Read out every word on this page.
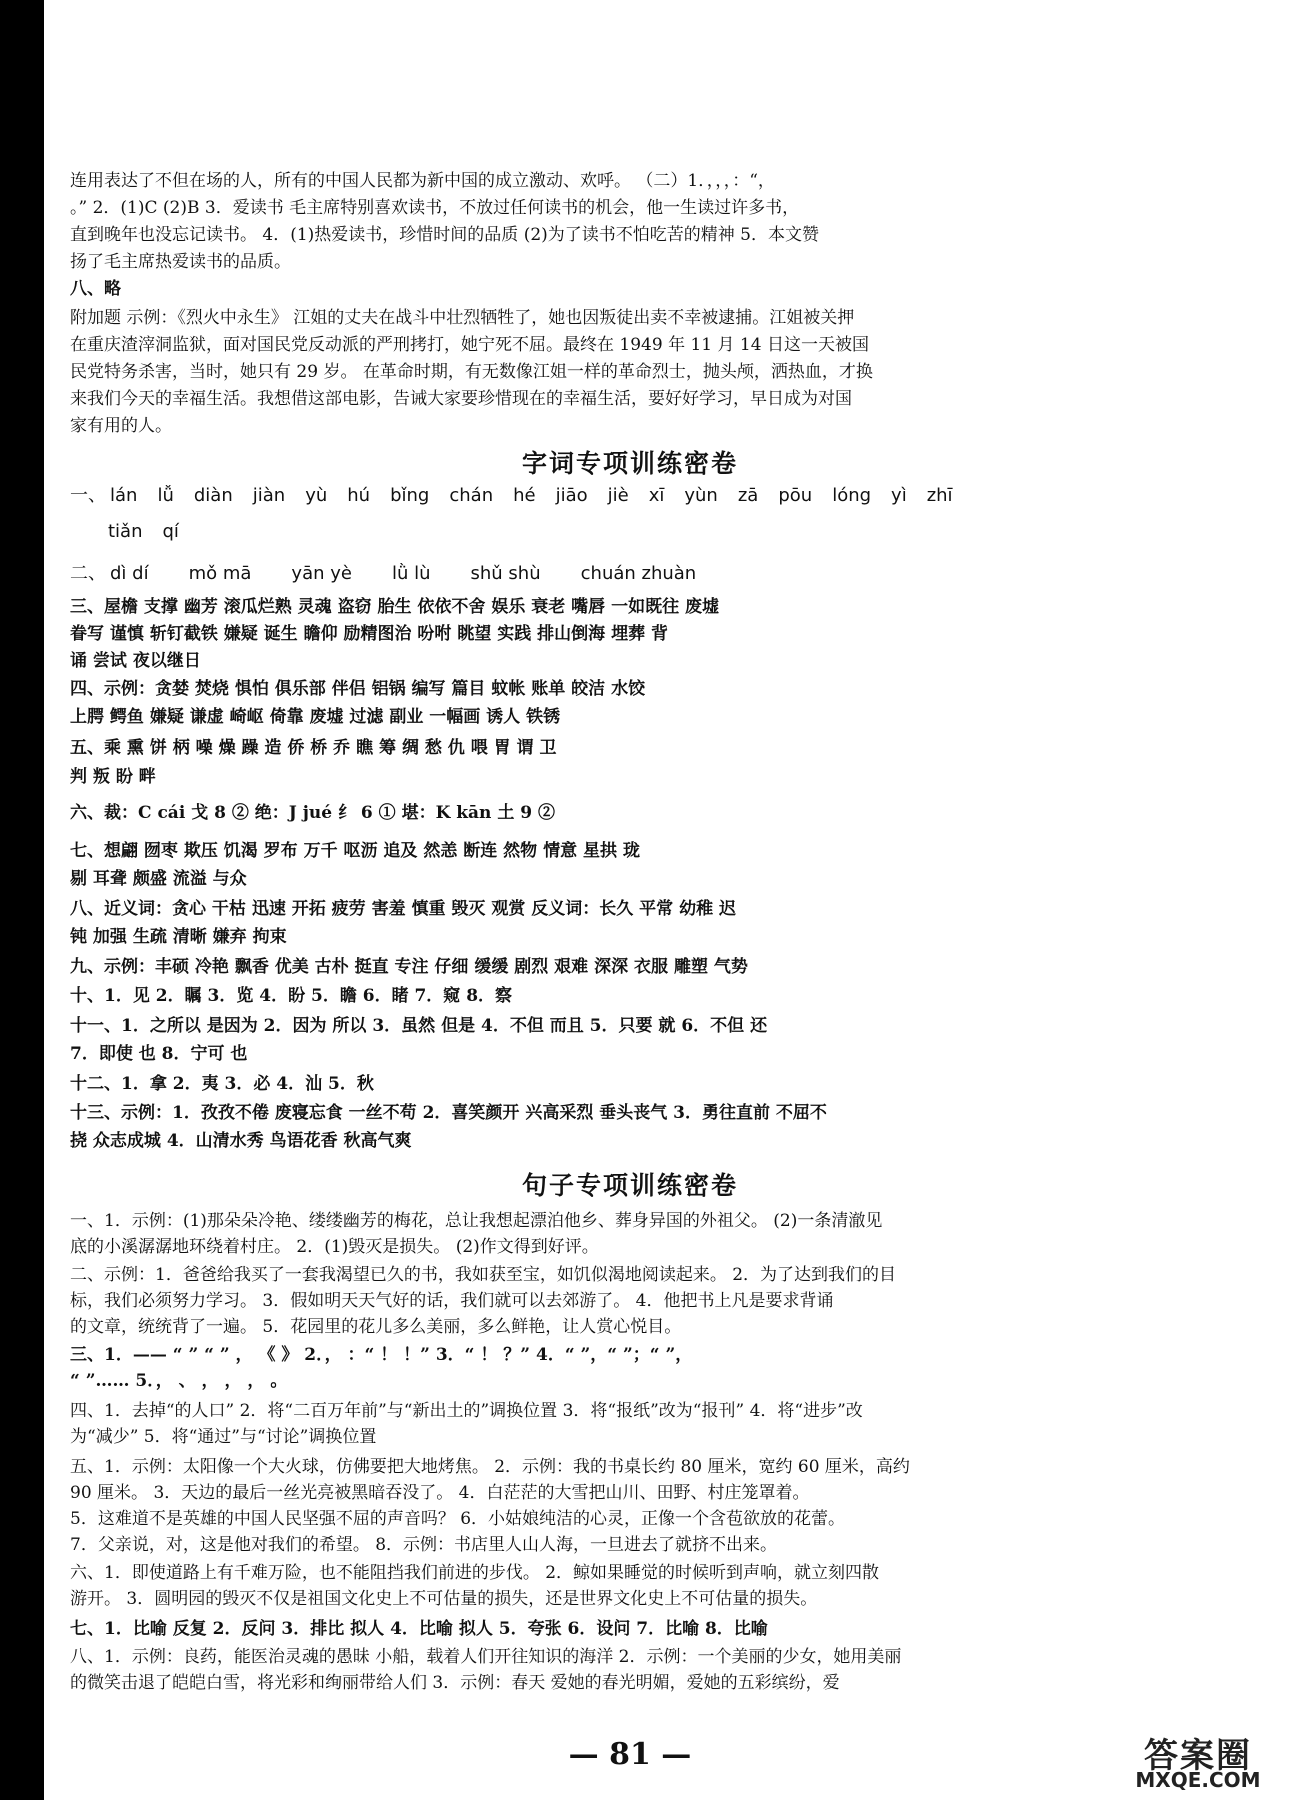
连用表达了不但在场的人，所有的中国人民都为新中国的成立激动、欢呼。 （二）1．，，，：“，

。” 2．(1)C (2)B 3．爱读书 毛主席特别喜欢读书，不放过任何读书的机会，他一生读过许多书，

直到晚年也没忘记读书。 4．(1)热爱读书，珍惜时间的品质 (2)为了读书不怕吃苦的精神 5．本文赞

扬了毛主席热爱读书的品质。

八、略

附加题 示例：《烈火中永生》 江姐的丈夫在战斗中壮烈牺牲了，她也因叛徒出卖不幸被逮捕。江姐被关押

在重庆渣滓洞监狱，面对国民党反动派的严刑拷打，她宁死不屈。最终在 1949 年 11 月 14 日这一天被国

民党特务杀害，当时，她只有 29 岁。 在革命时期，有无数像江姐一样的革命烈士，抛头颅，洒热血，才换

来我们今天的幸福生活。我想借这部电影，告诫大家要珍惜现在的幸福生活，要好好学习，早日成为对国

家有用的人。

字词专项训练密卷
一、 lán lǚ diàn jiàn yù hú bǐng chán hé jiāo jiè xī yùn zā pōu lóng yì zhī
tiǎn qí
二、 dì dí mǒ mā yān yè lǜ lù shǔ shù chuán zhuàn

三、屋檐 支撑 幽芳 滚瓜烂熟 灵魂 盗窃 胎生 依依不舍 娱乐 衰老 嘴唇 一如既往 废墟

眷写 谨慎 斩钉截铁 嫌疑 诞生 瞻仰 励精图治 吩咐 眺望 实践 排山倒海 埋葬 背

诵 尝试 夜以继日

四、示例：贪婪 焚烧 惧怕 俱乐部 伴侣 铝锅 编写 篇目 蚊帐 账单 皎洁 水饺

上腭 鳄鱼 嫌疑 谦虚 崎岖 倚靠 废墟 过滤 副业 一幅画 诱人 铁锈

五、乘 熏 饼 柄 噪 燥 躁 造 侨 桥 乔 瞧 筹 绸 愁 仇 喂 胃 谓 卫

判 叛 盼 畔

六、裁：C cái 戈 8 ② 绝：J jué 纟 6 ① 堪：K kān 土 9 ②

七、想翩 囫枣 欺压 饥渴 罗布 万千 呕沥 追及 然恙 断连 然物 情意 星拱 珑

剔 耳聋 颇盛 流溢 与众

八、近义词：贪心 干枯 迅速 开拓 疲劳 害羞 慎重 毁灭 观赏 反义词：长久 平常 幼稚 迟

钝 加强 生疏 清晰 嫌弃 拘束

九、示例：丰硕 冷艳 飘香 优美 古朴 挺直 专注 仔细 缓缓 剧烈 艰难 深深 衣服 雕塑 气势

十、1．见 2．瞩 3．览 4．盼 5．瞻 6．睹 7．窥 8．察

十一、1．之所以 是因为 2．因为 所以 3．虽然 但是 4．不但 而且 5．只要 就 6．不但 还

7．即使 也 8．宁可 也

十二、1．拿 2．夷 3．必 4．汕 5．秋

十三、示例：1．孜孜不倦 废寝忘食 一丝不苟 2．喜笑颜开 兴高采烈 垂头丧气 3．勇往直前 不屈不

挠 众志成城 4．山清水秀 鸟语花香 秋高气爽

句子专项训练密卷

一、1．示例：(1)那朵朵冷艳、缕缕幽芳的梅花，总让我想起漂泊他乡、葬身异国的外祖父。 (2)一条清澈见

底的小溪潺潺地环绕着村庄。 2．(1)毁灭是损失。 (2)作文得到好评。

二、示例：1．爸爸给我买了一套我渴望已久的书，我如获至宝，如饥似渴地阅读起来。 2．为了达到我们的目

标，我们必须努力学习。 3．假如明天天气好的话，我们就可以去郊游了。 4．他把书上凡是要求背诵

的文章，统统背了一遍。 5．花园里的花儿多么美丽，多么鲜艳，让人赏心悦目。

三、1．—— “ ” “ ” ， 《 》 2．， ：“ ！ ！” 3．“ ！ ？” 4．“ ”，“ ”；“ ”，

“ ”…… 5．， 、 ， ， ， 。

四、1．去掉“的人口” 2．将“二百万年前”与“新出土的”调换位置 3．将“报纸”改为“报刊” 4．将“进步”改

为“减少” 5．将“通过”与“讨论”调换位置

五、1．示例：太阳像一个大火球，仿佛要把大地烤焦。 2．示例：我的书桌长约 80 厘米，宽约 60 厘米，高约

90 厘米。 3．天边的最后一丝光亮被黑暗吞没了。 4．白茫茫的大雪把山川、田野、村庄笼罩着。

5．这难道不是英雄的中国人民坚强不屈的声音吗？ 6．小姑娘纯洁的心灵，正像一个含苞欲放的花蕾。

7．父亲说，对，这是他对我们的希望。 8．示例：书店里人山人海，一旦进去了就挤不出来。

六、1．即使道路上有千难万险，也不能阻挡我们前进的步伐。 2．鲸如果睡觉的时候听到声响，就立刻四散

游开。 3．圆明园的毁灭不仅是祖国文化史上不可估量的损失，还是世界文化史上不可估量的损失。

七、1．比喻 反复 2．反问 3．排比 拟人 4．比喻 拟人 5．夸张 6．设问 7．比喻 8．比喻

八、1．示例：良药，能医治灵魂的愚昧 小船，载着人们开往知识的海洋 2．示例：一个美丽的少女，她用美丽

的微笑击退了皑皑白雪，将光彩和绚丽带给人们 3．示例：春天 爱她的春光明媚，爱她的五彩缤纷，爱

— 81 —	答案圈
MXQE.COM
